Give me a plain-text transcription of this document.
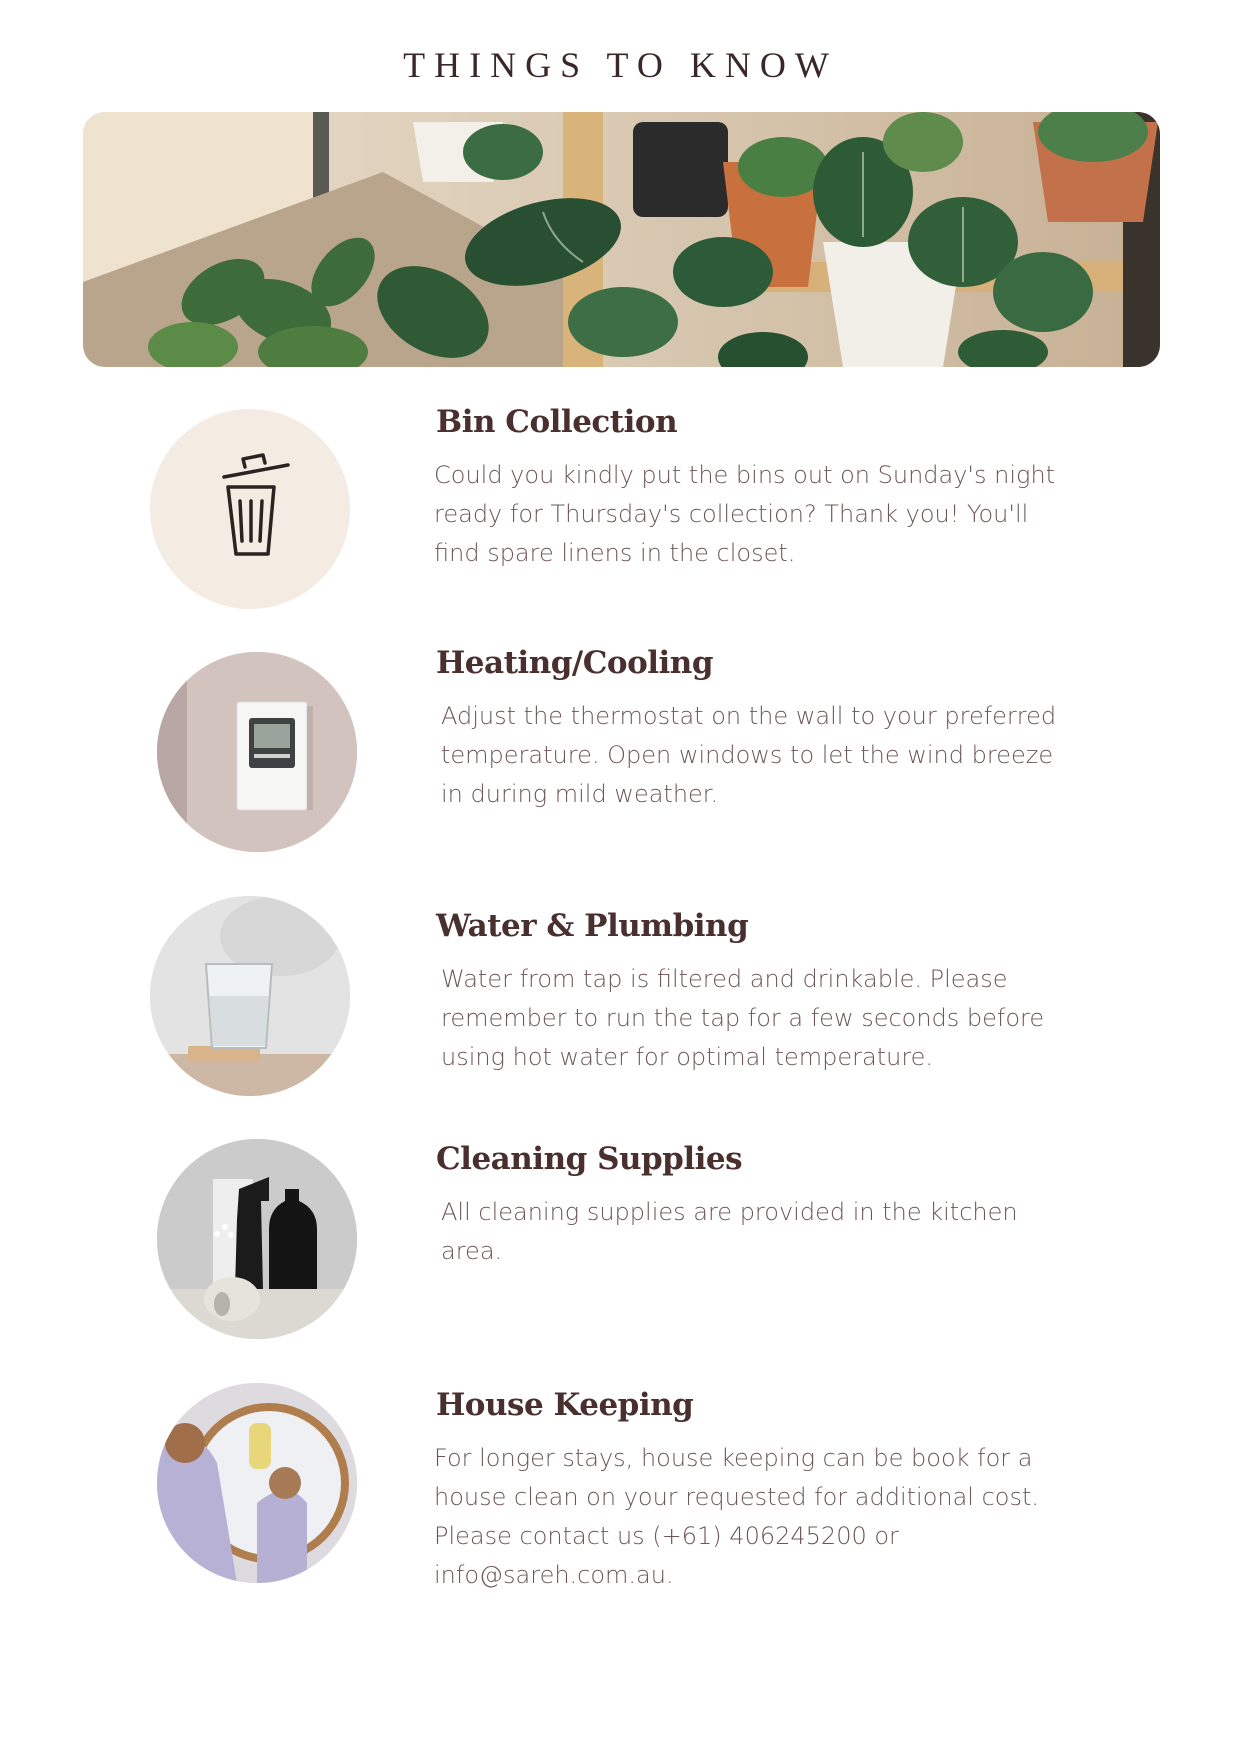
THINGS TO KNOW
Bin Collection
Could you kindly put the bins out on Sunday's night ready for Thursday's collection? Thank you! You'll find spare linens in the closet.
Heating/Cooling
Adjust the thermostat on the wall to your preferred temperature. Open windows to let the wind breeze in during mild weather.
Water & Plumbing
Water from tap is filtered and drinkable. Please remember to run the tap for a few seconds before using hot water for optimal temperature.
Cleaning Supplies
All cleaning supplies are provided in the kitchen area.
House Keeping
For longer stays, house keeping can be book for a house clean on your requested for additional cost. Please contact us (+61) 406245200 or info@sareh.com.au.
